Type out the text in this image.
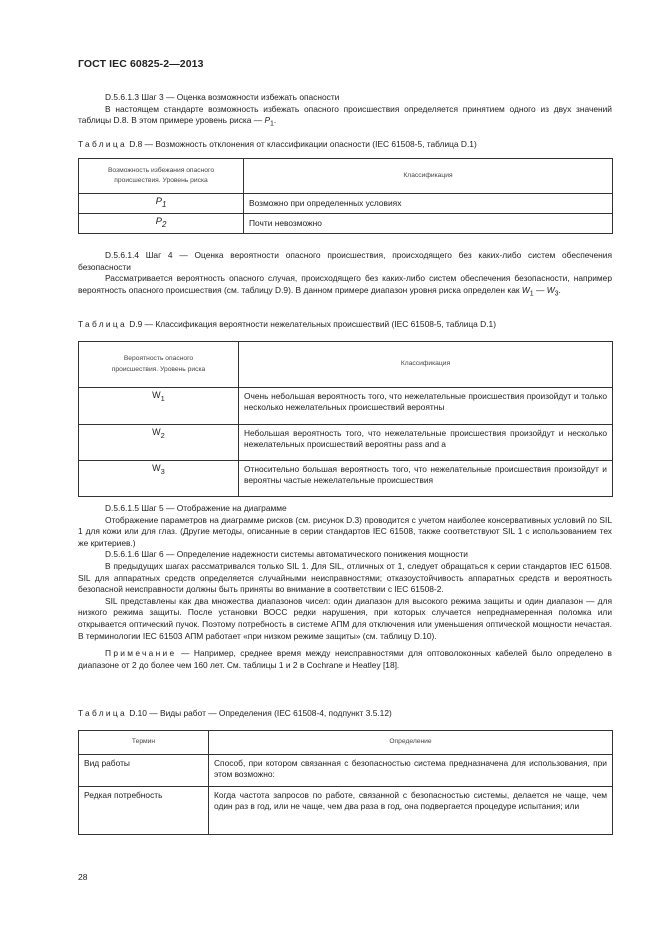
ГОСТ IEC 60825-2—2013

D.5.6.1.3 Шаг 3 — Оценка возможности избежать опасности

В настоящем стандарте возможность избежать опасного происшествия определяется принятием одного из двух значений таблицы D.8. В этом примере уровень риска — $P_1$.

Таблица D.8 — Возможность отклонения от классификации опасности (IEC 61508-5, таблица D.1)
Возможность избежания опасного происшествия. Уровень риска	Классификация
$P_1$	Возможно при определенных условиях
$P_2$	Почти невозможно

D.5.6.1.4 Шаг 4 — Оценка вероятности опасного происшествия, происходящего без каких-либо систем обеспечения безопасности

Рассматривается вероятность опасного случая, происходящего без каких-либо систем обеспечения безопасности, например вероятность опасного происшествия (см. таблицу D.9). В данном примере диапазон уровня риска определен как $W_1$ — $W_3$.

Таблица D.9 — Классификация вероятности нежелательных происшествий (IEC 61508-5, таблица D.1)
Вероятность опасного происшествия. Уровень риска	Классификация
$W_1$	Очень небольшая вероятность того, что нежелательные происшествия произойдут и только несколько нежелательных происшествий вероятны
$W_2$	Небольшая вероятность того, что нежелательные происшествия произойдут и несколько нежелательных происшествий вероятны pass and a
$W_3$	Относительно большая вероятность того, что нежелательные происшествия произойдут и вероятны частые нежелательные происшествия

D.5.6.1.5 Шаг 5 — Отображение на диаграмме

Отображение параметров на диаграмме рисков (см. рисунок D.3) проводится с учетом наиболее консервативных условий по SIL 1 для кожи или для глаз. (Другие методы, описанные в серии стандартов IEC 61508, также соответствуют SIL 1 с использованием тех же критериев.)

D.5.6.1.6 Шаг 6 — Определение надежности системы автоматического понижения мощности

В предыдущих шагах рассматривался только SIL 1. Для SIL, отличных от 1, следует обращаться к серии стандартов IEC 61508. SIL для аппаратных средств определяется случайными неисправностями; отказоустойчивость аппаратных средств и вероятность безопасной неисправности должны быть приняты во внимание в соответствии с IEC 61508-2.

SIL представлены как два множества диапазонов чисел: один диапазон для высокого режима защиты и один диапазон — для низкого режима защиты. После установки ВОСС редки нарушения, при которых случается непреднамеренная поломка или открывается оптический пучок. Поэтому потребность в системе АПМ для отключения или уменьшения оптической мощности нечастая. В терминологии IEC 61503 АПМ работает «при низком режиме защиты» (см. таблицу D.10).

Примечание — Например, среднее время между неисправностями для оптоволоконных кабелей было определено в диапазоне от 2 до более чем 160 лет. См. таблицы 1 и 2 в Cochrane и Heatley [18].

Таблица D.10 — Виды работ — Определения (IEC 61508-4, подпункт 3.5.12)
Термин	Определение
Вид работы	Способ, при котором связанная с безопасностью система предназначена для использования, при этом возможно:
Редкая потребность	Когда частота запросов по работе, связанной с безопасностью системы, делается не чаще, чем один раз в год, или не чаще, чем два раза в год, она подвергается процедуре испытания; или
28
